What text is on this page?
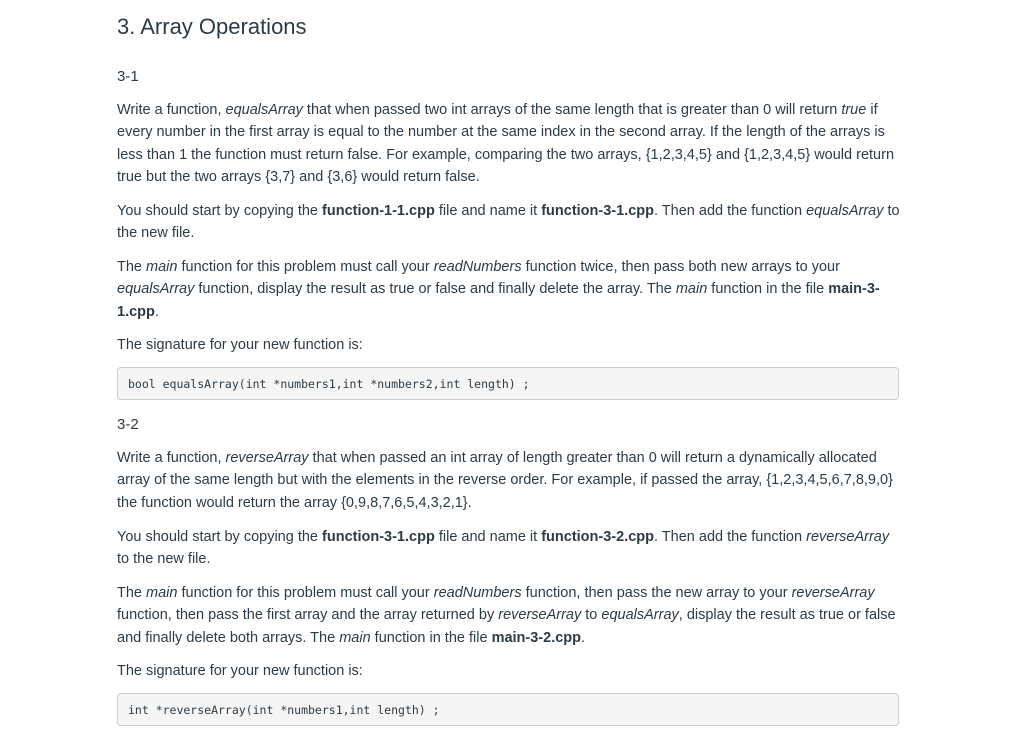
3. Array Operations
3-1

Write a function, equalsArray that when passed two int arrays of the same length that is greater than 0 will return true if every number in the first array is equal to the number at the same index in the second array. If the length of the arrays is less than 1 the function must return false. For example, comparing the two arrays, {1,2,3,4,5} and {1,2,3,4,5} would return true but the two arrays {3,7} and {3,6} would return false.

You should start by copying the function-1-1.cpp file and name it function-3-1.cpp. Then add the function equalsArray to the new file.

The main function for this problem must call your readNumbers function twice, then pass both new arrays to your equalsArray function, display the result as true or false and finally delete the array. The main function in the file main-3-1.cpp.

The signature for your new function is:

bool equalsArray(int *numbers1,int *numbers2,int length) ;
3-2

Write a function, reverseArray that when passed an int array of length greater than 0 will return a dynamically allocated array of the same length but with the elements in the reverse order. For example, if passed the array, {1,2,3,4,5,6,7,8,9,0} the function would return the array {0,9,8,7,6,5,4,3,2,1}.

You should start by copying the function-3-1.cpp file and name it function-3-2.cpp. Then add the function reverseArray to the new file.

The main function for this problem must call your readNumbers function, then pass the new array to your reverseArray function, then pass the first array and the array returned by reverseArray to equalsArray, display the result as true or false and finally delete both arrays. The main function in the file main-3-2.cpp.

The signature for your new function is:

int *reverseArray(int *numbers1,int length) ;
